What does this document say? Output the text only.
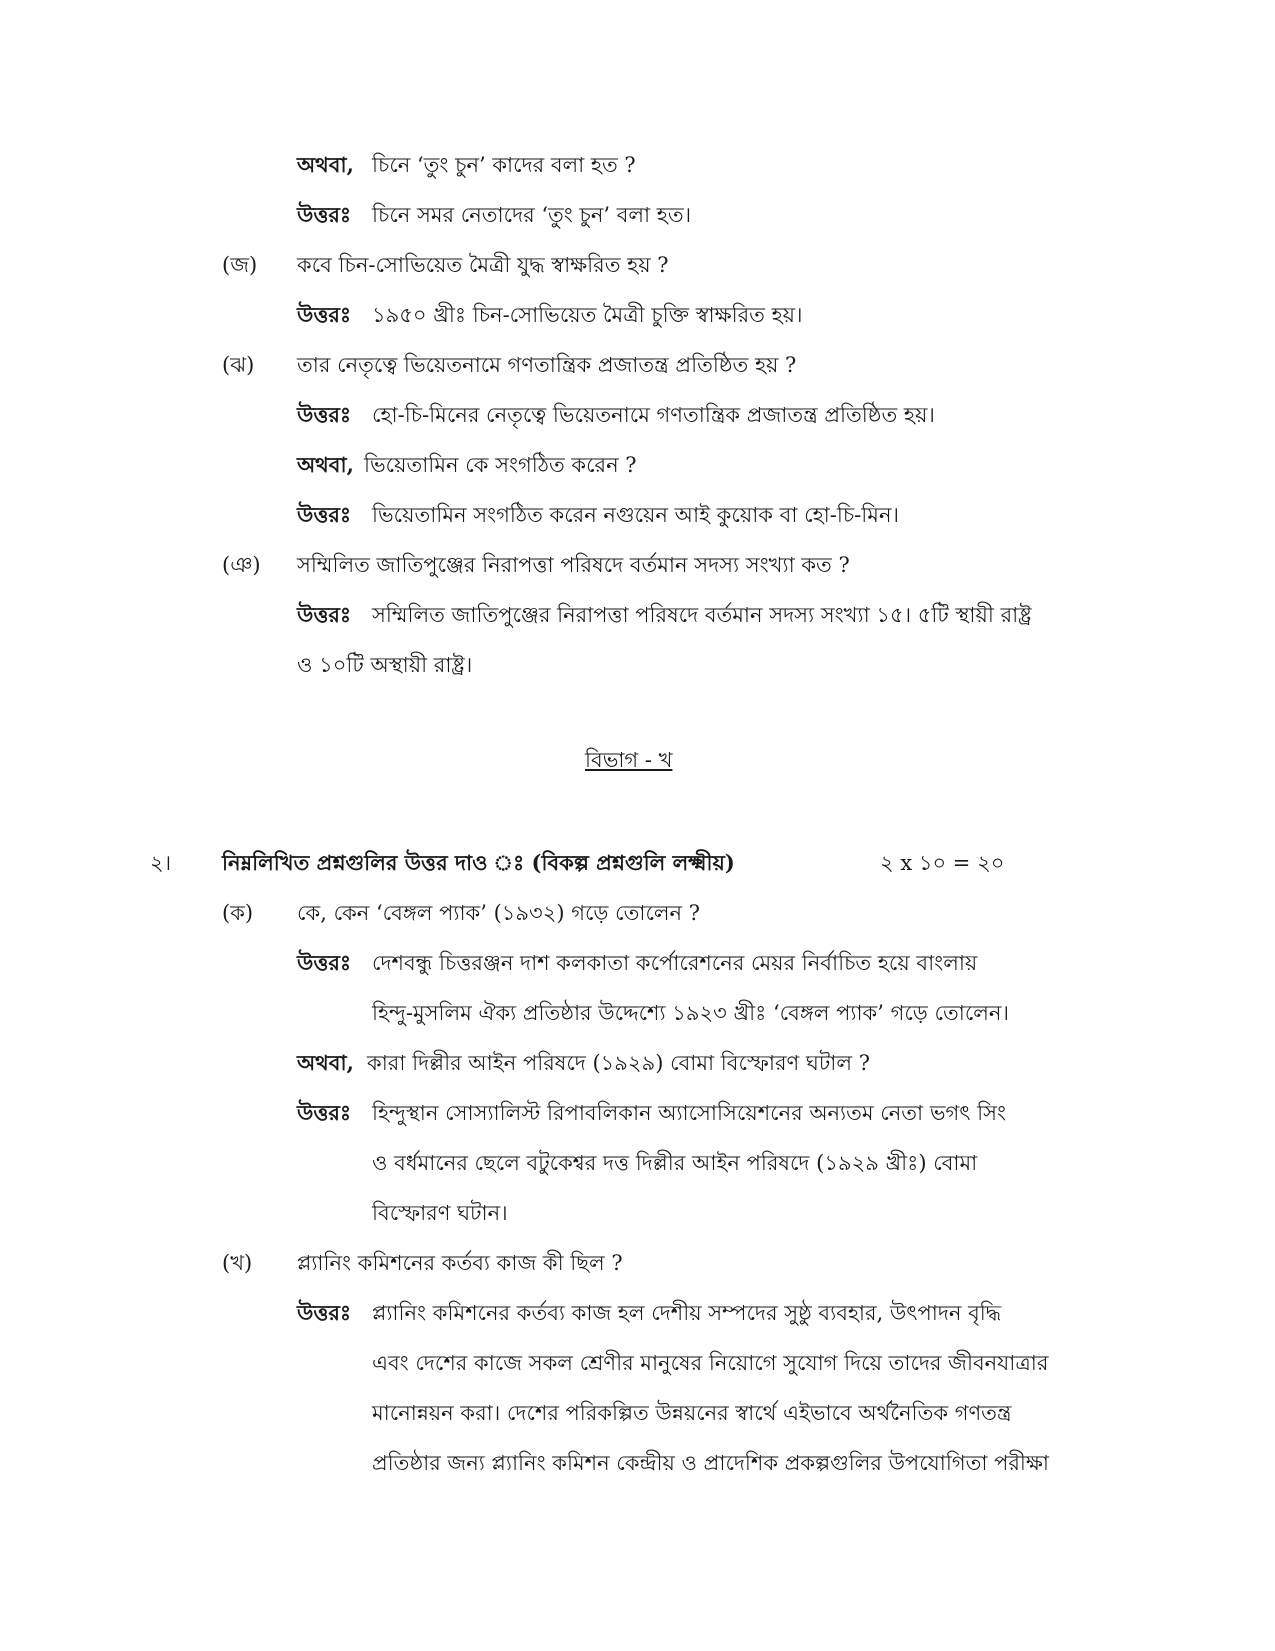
অথবা, চিনে ‘তুং চুন’ কাদের বলা হত ?
উত্তরঃ চিনে সমর নেতাদের ‘তুং চুন’ বলা হত।
(জ) কবে চিন-সোভিয়েত মৈত্রী যুদ্ধ স্বাক্ষরিত হয় ?
উত্তরঃ ১৯৫০ খ্রীঃ চিন-সোভিয়েত মৈত্রী চুক্তি স্বাক্ষরিত হয়।
(ঝ) তার নেতৃত্বে ভিয়েতনামে গণতান্ত্রিক প্রজাতন্ত্র প্রতিষ্ঠিত হয় ?
উত্তরঃ হো-চি-মিনের নেতৃত্বে ভিয়েতনামে গণতান্ত্রিক প্রজাতন্ত্র প্রতিষ্ঠিত হয়।
অথবা, ভিয়েতামিন কে সংগঠিত করেন ?
উত্তরঃ ভিয়েতামিন সংগঠিত করেন নগুয়েন আই কুয়োক বা হো-চি-মিন।
(ঞ) সম্মিলিত জাতিপুঞ্জের নিরাপত্তা পরিষদে বর্তমান সদস্য সংখ্যা কত ?
উত্তরঃ সম্মিলিত জাতিপুঞ্জের নিরাপত্তা পরিষদে বর্তমান সদস্য সংখ্যা ১৫। ৫টি স্থায়ী রাষ্ট্র
ও ১০টি অস্থায়ী রাষ্ট্র।
বিভাগ - খ
২। নিম্নলিখিত প্রশ্নগুলির উত্তর দাও ঃ (বিকল্প প্রশ্নগুলি লক্ষ্মীয়)	২ x ১০ = ২০
(ক) কে, কেন ‘বেঙ্গল প্যাক’ (১৯৩২) গড়ে তোলেন ?
উত্তরঃ দেশবন্ধু চিত্তরঞ্জন দাশ কলকাতা কর্পোরেশনের মেয়র নির্বাচিত হয়ে বাংলায়
হিন্দু-মুসলিম ঐক্য প্রতিষ্ঠার উদ্দেশ্যে ১৯২৩ খ্রীঃ ‘বেঙ্গল প্যাক’ গড়ে তোলেন।
অথবা, কারা দিল্লীর আইন পরিষদে (১৯২৯) বোমা বিস্ফোরণ ঘটাল ?
উত্তরঃ হিন্দুস্থান সোস্যালিস্ট রিপাবলিকান অ্যাসোসিয়েশনের অন্যতম নেতা ভগৎ সিং
ও বর্ধমানের ছেলে বটুকেশ্বর দত্ত দিল্লীর আইন পরিষদে (১৯২৯ খ্রীঃ) বোমা
বিস্ফোরণ ঘটান।
(খ) প্ল্যানিং কমিশনের কর্তব্য কাজ কী ছিল ?
উত্তরঃ প্ল্যানিং কমিশনের কর্তব্য কাজ হল দেশীয় সম্পদের সুষ্ঠু ব্যবহার, উৎপাদন বৃদ্ধি
এবং দেশের কাজে সকল শ্রেণীর মানুষের নিয়োগে সুযোগ দিয়ে তাদের জীবনযাত্রার
মানোন্নয়ন করা। দেশের পরিকল্পিত উন্নয়নের স্বার্থে এইভাবে অর্থনৈতিক গণতন্ত্র
প্রতিষ্ঠার জন্য প্ল্যানিং কমিশন কেন্দ্রীয় ও প্রাদেশিক প্রকল্পগুলির উপযোগিতা পরীক্ষা
